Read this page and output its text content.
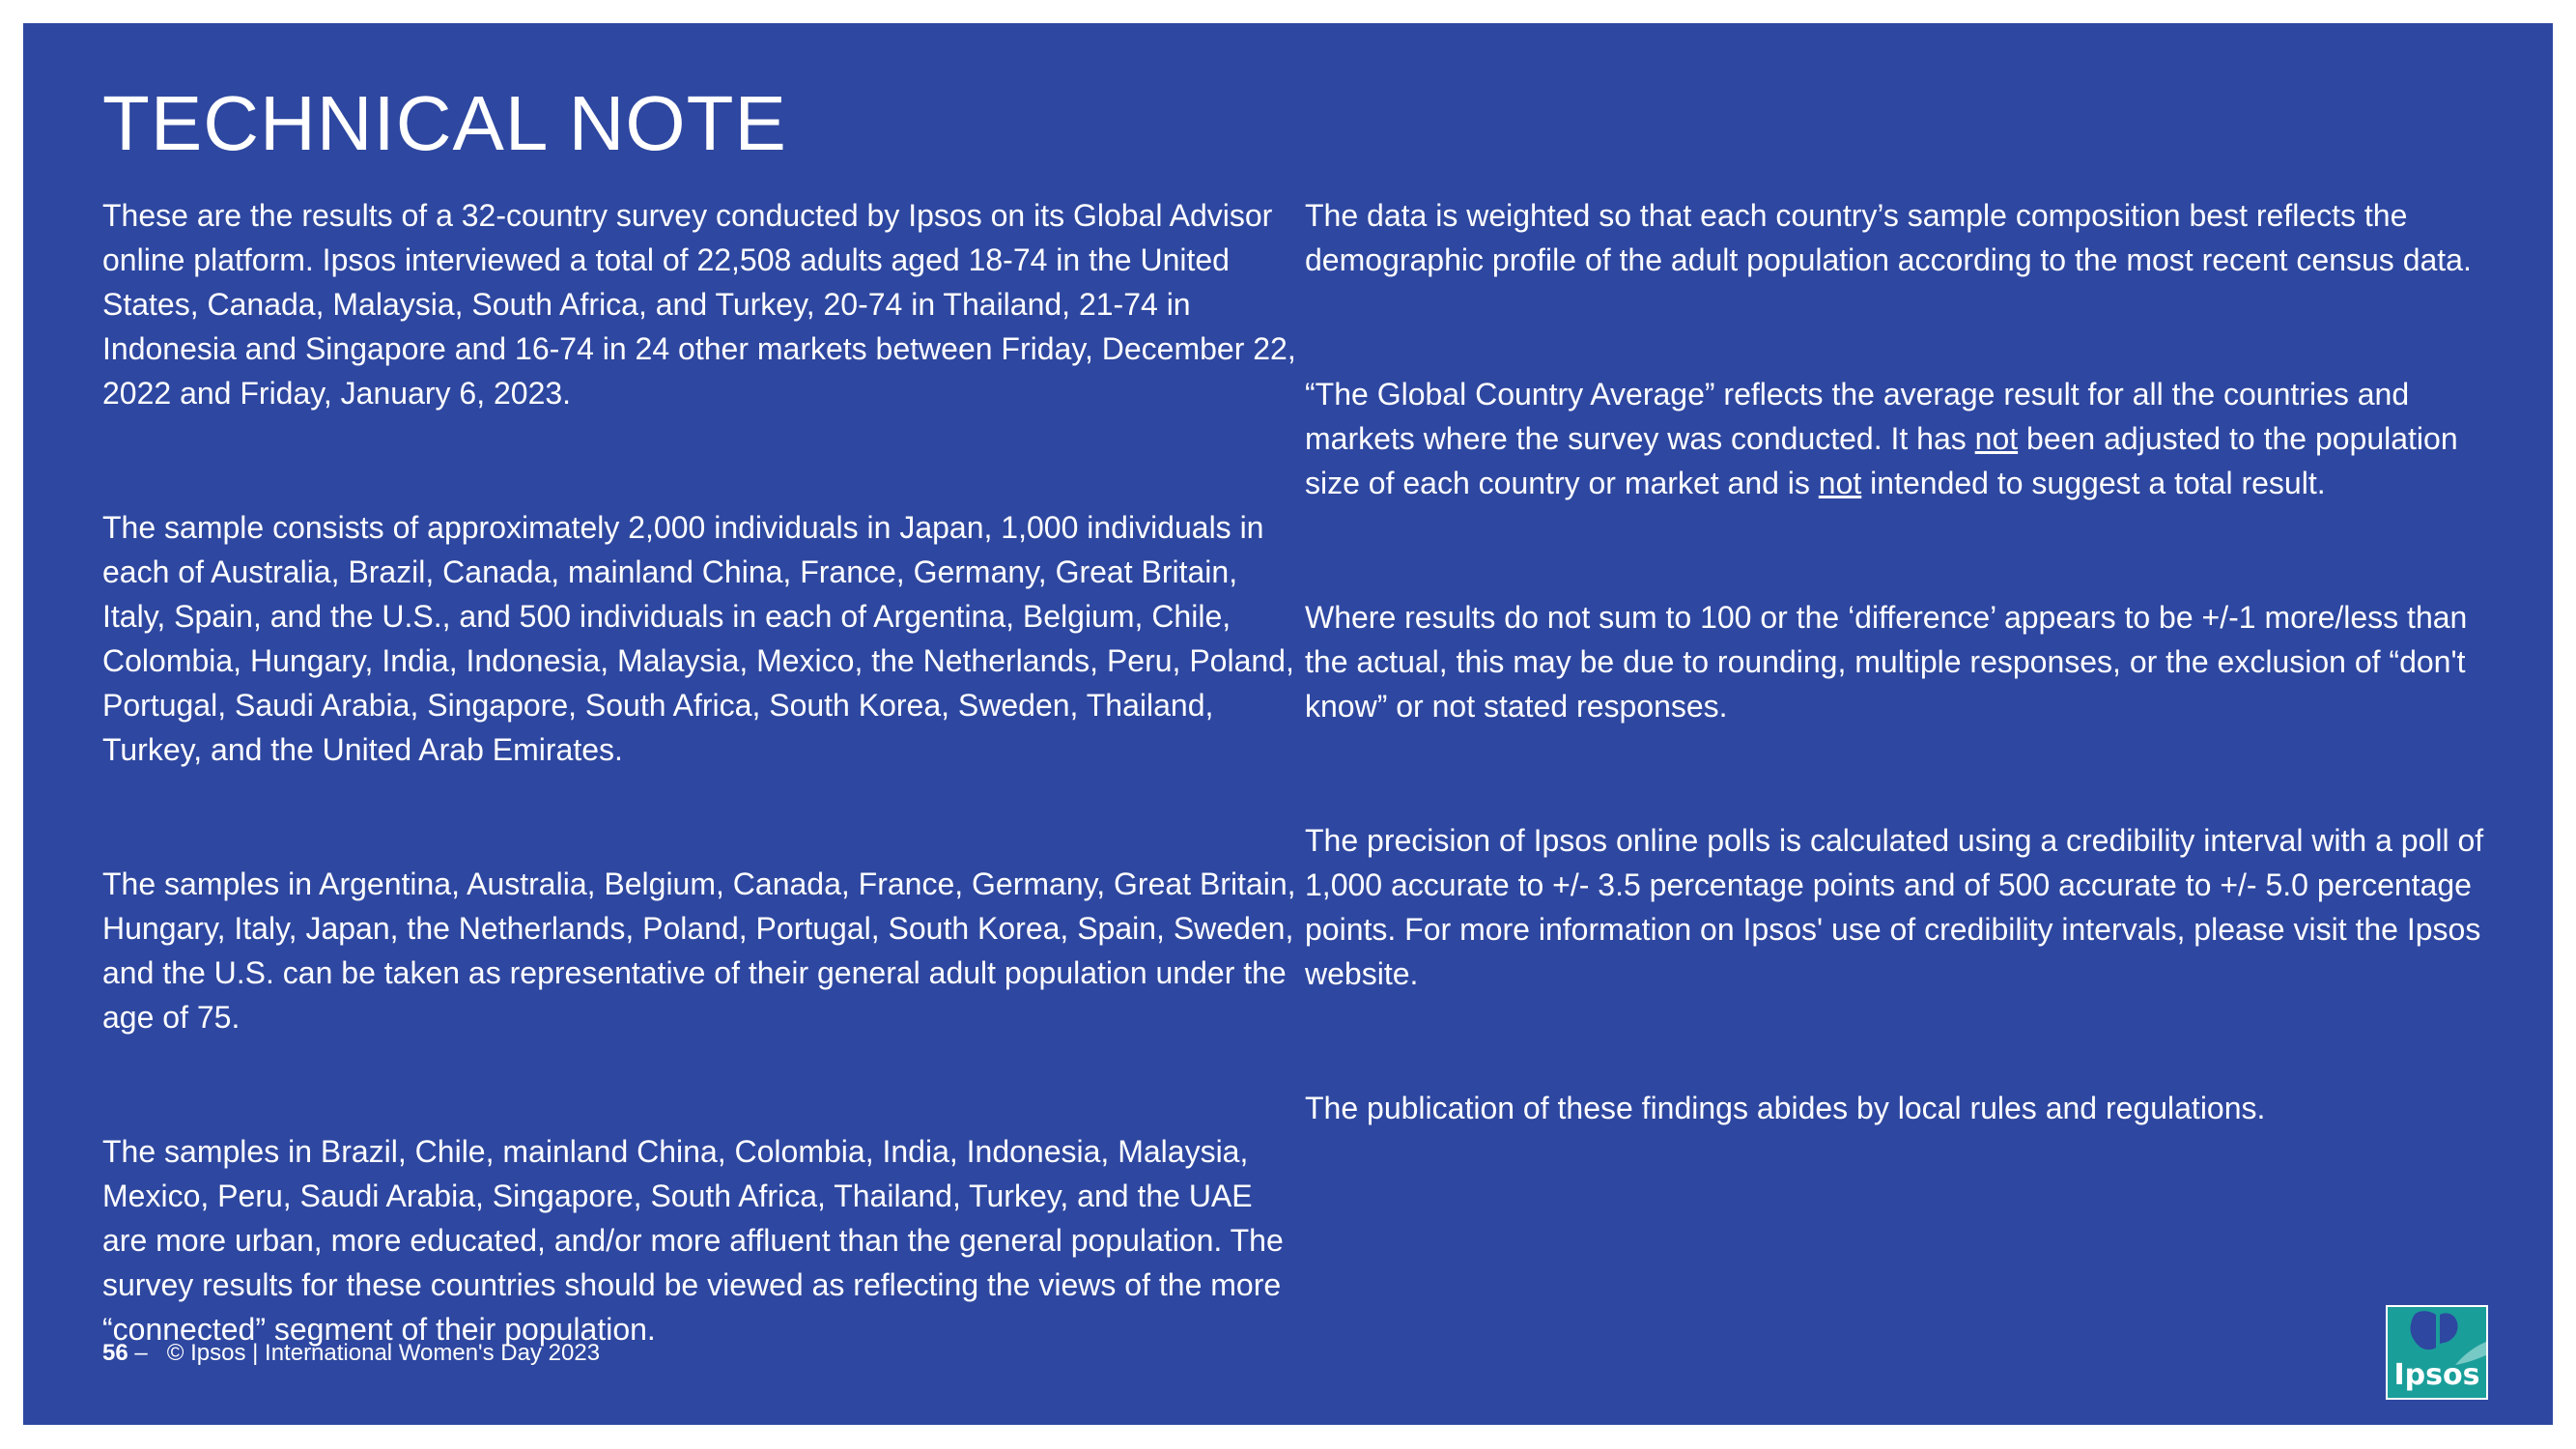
TECHNICAL NOTE

These are the results of a 32-country survey conducted by Ipsos on its Global Advisor online platform. Ipsos interviewed a total of 22,508 adults aged 18-74 in the United States, Canada, Malaysia, South Africa, and Turkey, 20-74 in Thailand, 21-74 in Indonesia and Singapore and 16-74 in 24 other markets between Friday, December 22, 2022 and Friday, January 6, 2023.

The sample consists of approximately 2,000 individuals in Japan, 1,000 individuals in each of Australia, Brazil, Canada, mainland China, France, Germany, Great Britain, Italy, Spain, and the U.S., and 500 individuals in each of Argentina, Belgium, Chile, Colombia, Hungary, India, Indonesia, Malaysia, Mexico, the Netherlands, Peru, Poland, Portugal, Saudi Arabia, Singapore, South Africa, South Korea, Sweden, Thailand, Turkey, and the United Arab Emirates.

The samples in Argentina, Australia, Belgium, Canada, France, Germany, Great Britain, Hungary, Italy, Japan, the Netherlands, Poland, Portugal, South Korea, Spain, Sweden, and the U.S. can be taken as representative of their general adult population under the age of 75.

The samples in Brazil, Chile, mainland China, Colombia, India, Indonesia, Malaysia, Mexico, Peru, Saudi Arabia, Singapore, South Africa, Thailand, Turkey, and the UAE are more urban, more educated, and/or more affluent than the general population. The survey results for these countries should be viewed as reflecting the views of the more “connected” segment of their population.

The data is weighted so that each country’s sample composition best reflects the demographic profile of the adult population according to the most recent census data.

“The Global Country Average” reflects the average result for all the countries and markets where the survey was conducted. It has not been adjusted to the population size of each country or market and is not intended to suggest a total result.

Where results do not sum to 100 or the ‘difference’ appears to be +/-1 more/less than the actual, this may be due to rounding, multiple responses, or the exclusion of “don't know” or not stated responses.

The precision of Ipsos online polls is calculated using a credibility interval with a poll of 1,000 accurate to +/- 3.5 percentage points and of 500 accurate to +/- 5.0 percentage points. For more information on Ipsos' use of credibility intervals, please visit the Ipsos website.

The publication of these findings abides by local rules and regulations.

56 – © Ipsos | International Women's Day 2023
Ipsos
